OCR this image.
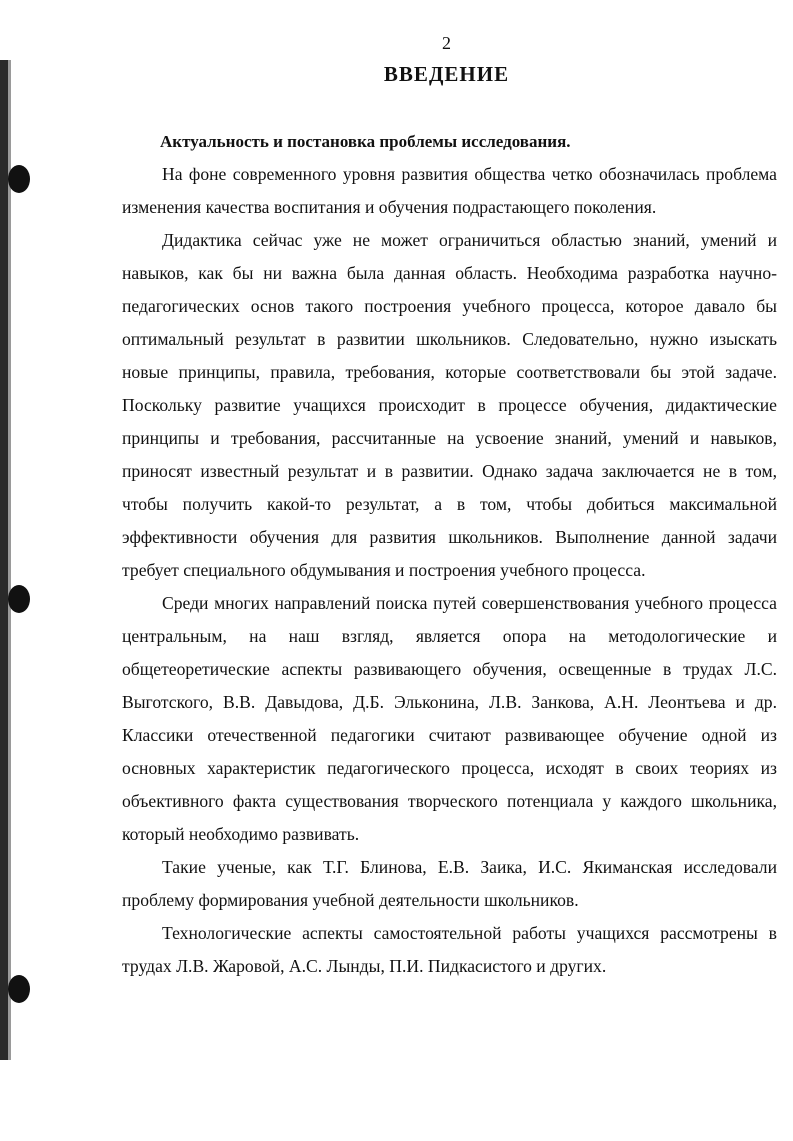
2
ВВЕДЕНИЕ
Актуальность и постановка проблемы исследования.

На фоне современного уровня развития общества четко обозначилась проблема изменения качества воспитания и обучения подрастающего поколения.

Дидактика сейчас уже не может ограничиться областью знаний, умений и навыков, как бы ни важна была данная область. Необходима разработка научно-педагогических основ такого построения учебного процесса, которое давало бы оптимальный результат в развитии школьников. Следовательно, нужно изыскать новые принципы, правила, требования, которые соответствовали бы этой задаче. Поскольку развитие учащихся происходит в процессе обучения, дидактические принципы и требования, рассчитанные на усвоение знаний, умений и навыков, приносят известный результат и в развитии. Однако задача заключается не в том, чтобы получить какой-то результат, а в том, чтобы добиться максимальной эффективности обучения для развития школьников. Выполнение данной задачи требует специального обдумывания и построения учебного процесса.

Среди многих направлений поиска путей совершенствования учебного процесса центральным, на наш взгляд, является опора на методологические и общетеоретические аспекты развивающего обучения, освещенные в трудах Л.С. Выготского, В.В. Давыдова, Д.Б. Эльконина, Л.В. Занкова, А.Н. Леонтьева и др. Классики отечественной педагогики считают развивающее обучение одной из основных характеристик педагогического процесса, исходят в своих теориях из объективного факта существования творческого потенциала у каждого школьника, который необходимо развивать.

Такие ученые, как Т.Г. Блинова, Е.В. Заика, И.С. Якиманская исследовали проблему формирования учебной деятельности школьников.

Технологические аспекты самостоятельной работы учащихся рассмотрены в трудах Л.В. Жаровой, А.С. Лынды, П.И. Пидкасистого и других.
